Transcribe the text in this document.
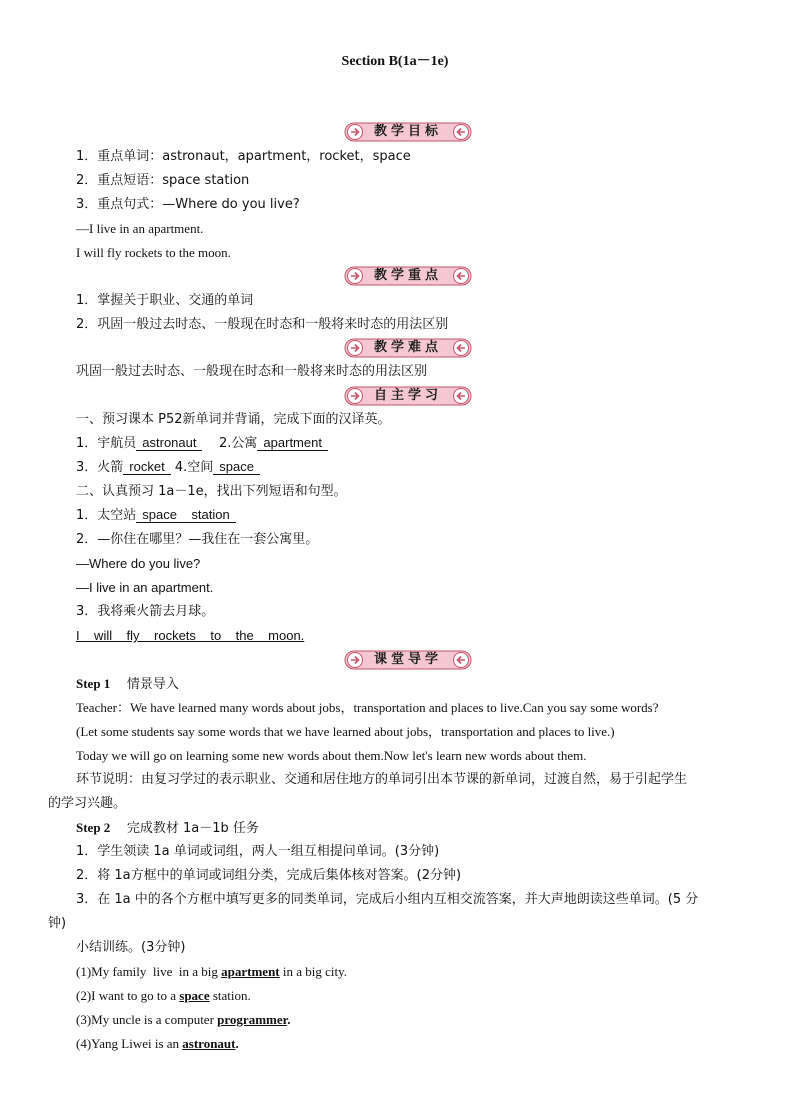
Section B(1a－1e)
教学目标
1．重点单词：astronaut，apartment，rocket，space
2．重点短语：space station
3．重点句式：—Where do you live?
—I live in an apartment.
I will fly rockets to the moon.
教学重点
1．掌握关于职业、交通的单词
2．巩固一般过去时态、一般现在时态和一般将来时态的用法区别
教学难点
巩固一般过去时态、一般现在时态和一般将来时态的用法区别
自主学习
一、预习课本 P52新单词并背诵，完成下面的汉译英。
1．宇航员 astronaut 2.公寓 apartment
3．火箭 rocket 4.空间 space
二、认真预习 1a－1e，找出下列短语和句型。
1．太空站 space    station
2．—你住在哪里？—我住在一套公寓里。
—Where do you live?
—I live in an apartment.
3．我将乘火箭去月球。
I    will    fly    rockets    to    the    moon.
课堂导学
Step 1 情景导入
Teacher：We have learned many words about jobs，transportation and places to live.Can you say some words?
(Let some students say some words that we have learned about jobs，transportation and places to live.)
Today we will go on learning some new words about them.Now let's learn new words about them.
环节说明：由复习学过的表示职业、交通和居住地方的单词引出本节课的新单词，过渡自然，易于引起学生
的学习兴趣。
Step 2 完成教材 1a－1b 任务
1．学生领读 1a 单词或词组，两人一组互相提问单词。(3分钟)
2．将 1a方框中的单词或词组分类，完成后集体核对答案。(2分钟)
3．在 1a 中的各个方框中填写更多的同类单词，完成后小组内互相交流答案，并大声地朗读这些单词。(5 分
钟)
小结训练。(3分钟)
(1)My family  live  in a big apartment in a big city.
(2)I want to go to a space station.
(3)My uncle is a computer programmer.
(4)Yang Liwei is an astronaut.
